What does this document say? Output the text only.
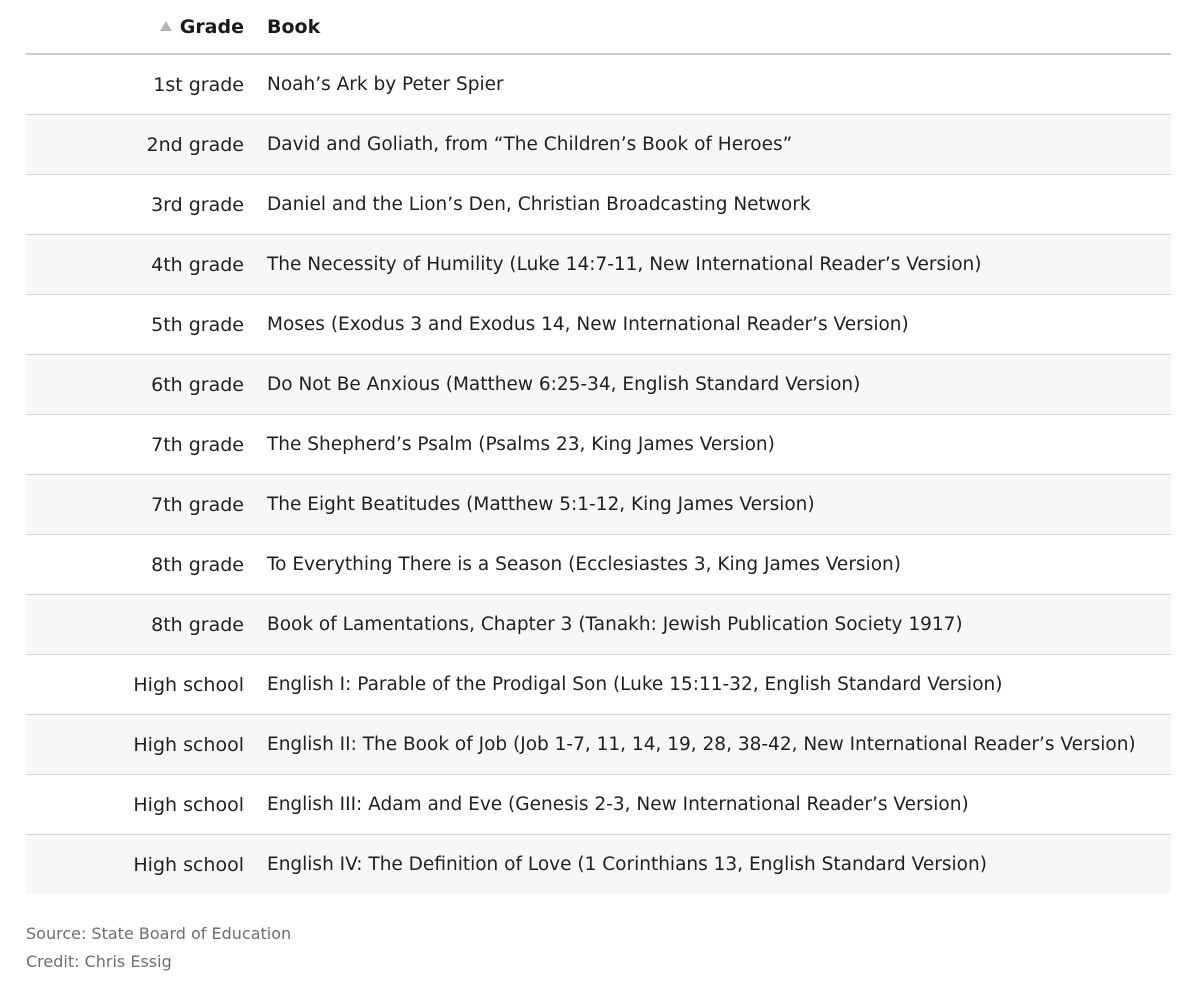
Grade	Book
1st grade	Noah’s Ark by Peter Spier
2nd grade	David and Goliath, from “The Children’s Book of Heroes”
3rd grade	Daniel and the Lion’s Den, Christian Broadcasting Network
4th grade	The Necessity of Humility (Luke 14:7-11, New International Reader’s Version)
5th grade	Moses (Exodus 3 and Exodus 14, New International Reader’s Version)
6th grade	Do Not Be Anxious (Matthew 6:25-34, English Standard Version)
7th grade	The Shepherd’s Psalm (Psalms 23, King James Version)
7th grade	The Eight Beatitudes (Matthew 5:1-12, King James Version)
8th grade	To Everything There is a Season (Ecclesiastes 3, King James Version)
8th grade	Book of Lamentations, Chapter 3 (Tanakh: Jewish Publication Society 1917)
High school	English I: Parable of the Prodigal Son (Luke 15:11-32, English Standard Version)
High school	English II: The Book of Job (Job 1-7, 11, 14, 19, 28, 38-42, New International Reader’s Version)
High school	English III: Adam and Eve (Genesis 2-3, New International Reader’s Version)
High school	English IV: The Definition of Love (1 Corinthians 13, English Standard Version)
Source: State Board of Education
Credit: Chris Essig
